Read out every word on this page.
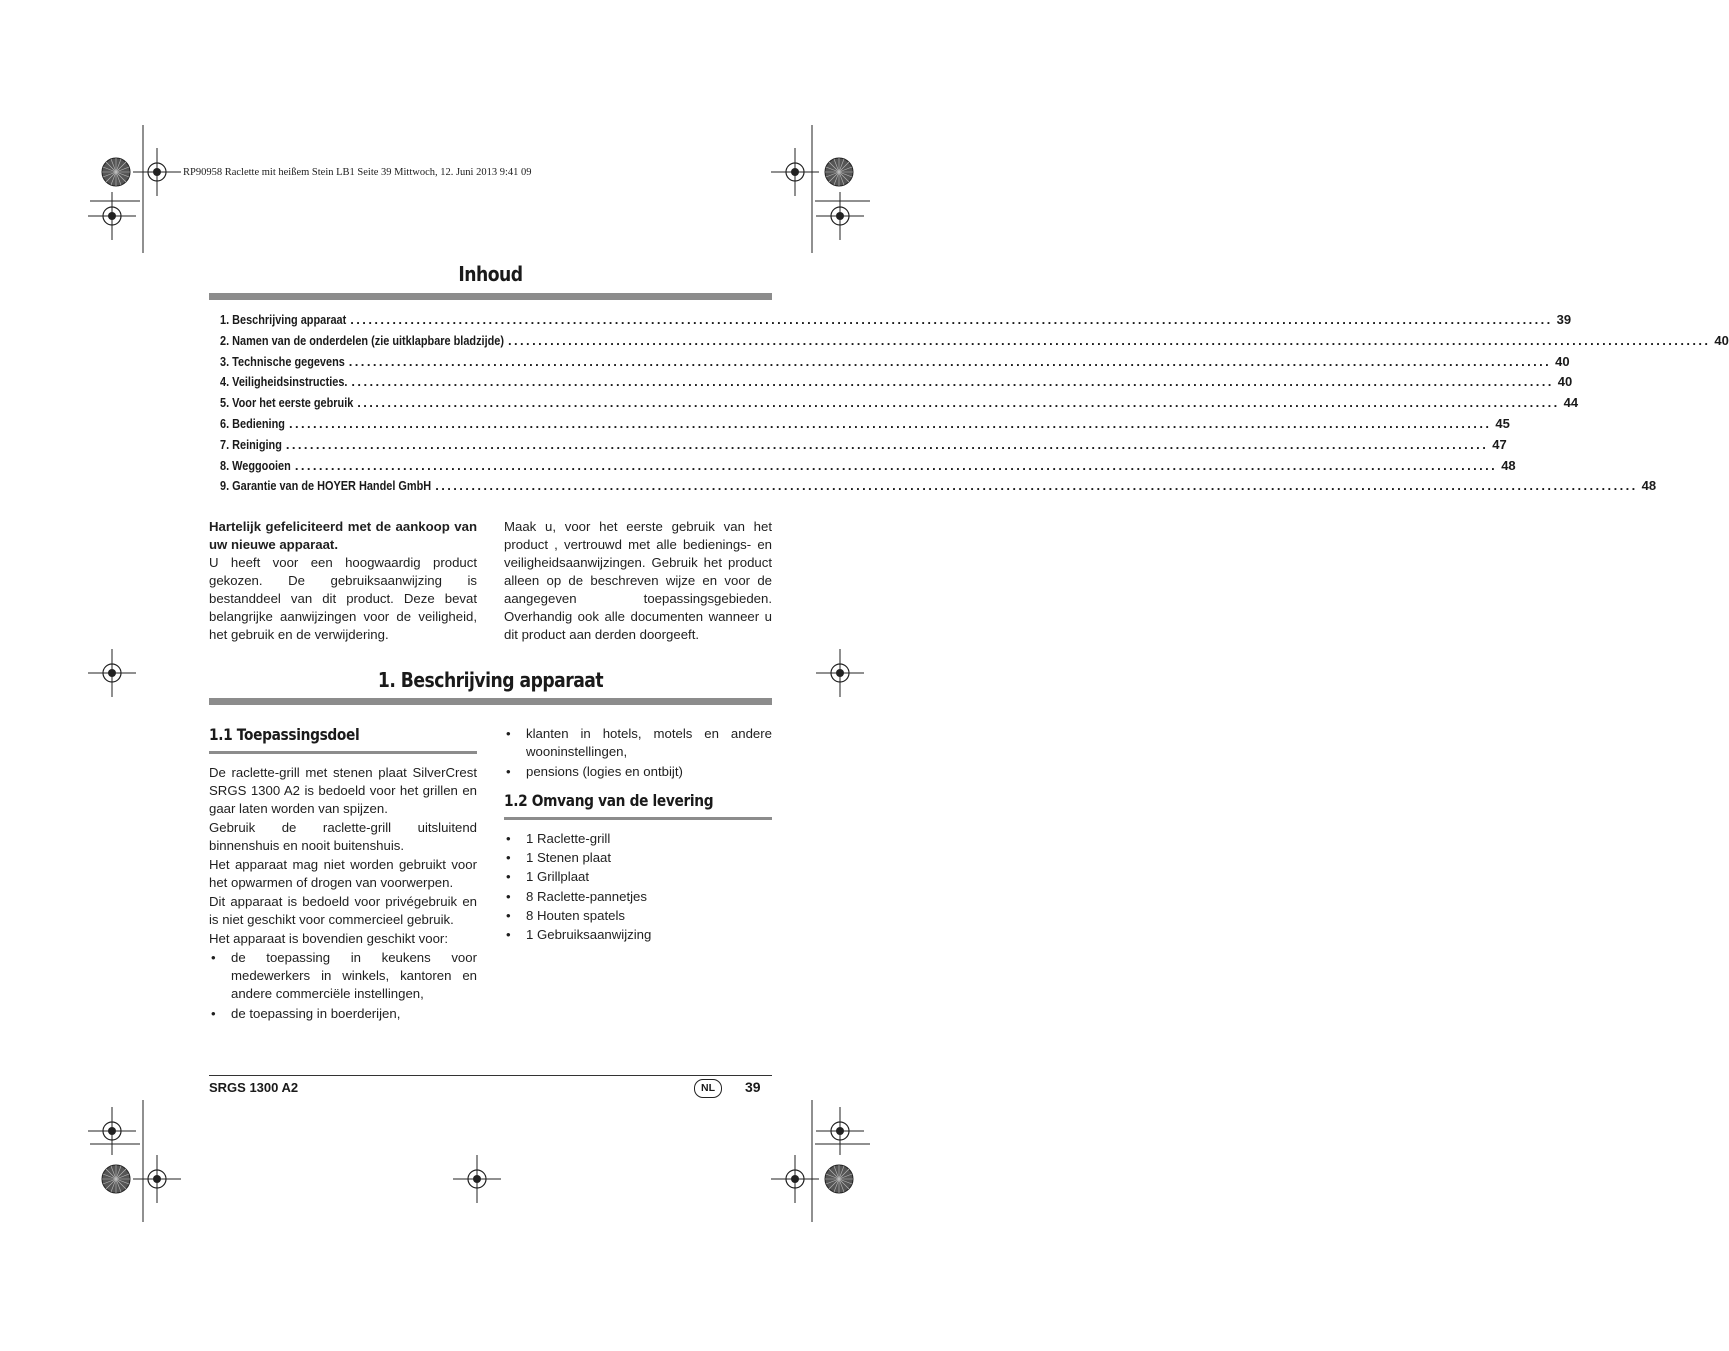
RP90958 Raclette mit heißem Stein LB1 Seite 39 Mittwoch, 12. Juni 2013 9:41 09
Inhoud
1. Beschrijving apparaat ........................................................................................................................................................................................................ 39
2. Namen van de onderdelen (zie uitklapbare bladzijde) ........................................................................................................................................................................................................ 40
3. Technische gegevens ........................................................................................................................................................................................................ 40
4. Veiligheidsinstructies. ........................................................................................................................................................................................................ 40
5. Voor het eerste gebruik ........................................................................................................................................................................................................ 44
6. Bediening ........................................................................................................................................................................................................ 45
7. Reiniging ........................................................................................................................................................................................................ 47
8. Weggooien ........................................................................................................................................................................................................ 48
9. Garantie van de HOYER Handel GmbH ........................................................................................................................................................................................................ 48

Hartelijk gefeliciteerd met de aankoop van uw nieuwe apparaat.

U heeft voor een hoogwaardig product gekozen. De gebruiksaanwijzing is bestanddeel van dit product. Deze bevat belangrijke aanwijzingen voor de veiligheid, het gebruik en de verwijdering.

Maak u, voor het eerste gebruik van het product , vertrouwd met alle bedienings- en veiligheidsaanwijzingen. Gebruik het product alleen op de beschreven wijze en voor de aangegeven toepassingsgebieden. Overhandig ook alle documenten wanneer u dit product aan derden doorgeeft.

1. Beschrijving apparaat
1.1 Toepassingsdoel

De raclette-grill met stenen plaat SilverCrest SRGS 1300 A2 is bedoeld voor het grillen en gaar laten worden van spijzen.

Gebruik de raclette-grill uitsluitend binnenshuis en nooit buitenshuis.

Het apparaat mag niet worden gebruikt voor het opwarmen of drogen van voorwerpen.

Dit apparaat is bedoeld voor privégebruik en is niet geschikt voor commercieel gebruik.

Het apparaat is bovendien geschikt voor:

• de toepassing in keukens voor medewerkers in winkels, kantoren en andere commerciële instellingen,
• de toepassing in boerderijen,
• klanten in hotels, motels en andere wooninstellingen,
• pensions (logies en ontbijt)
1.2 Omvang van de levering
• 1 Raclette-grill
• 1 Stenen plaat
• 1 Grillplaat
• 8 Raclette-pannetjes
• 8 Houten spatels
• 1 Gebruiksaanwijzing
SRGS 1300 A2	NL	39
